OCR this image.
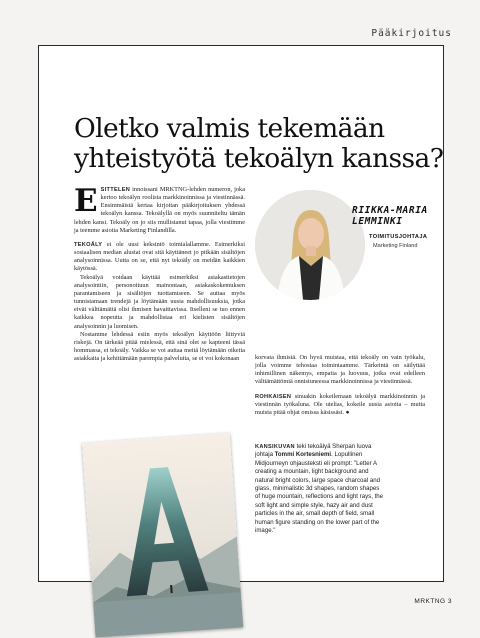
Pääkirjoitus
Oletko valmis tekemään yhteistyötä tekoälyn kanssa?

ESITTELEN innoissani MRKTNG-lehden numeron, joka kertoo tekoälyn roolista markkinoinnissa ja viestinnässä. Ensimmäistä kertaa kirjoitan pääkirjoituksen yhdessä tekoälyn kanssa. Tekoälyllä on myös suunniteltu tämän lehden kansi. Tekoäly on jo siis mullistanut tapaa, jolla viestimme ja teemme asioita Marketing Finlandilla.

TEKOÄLY ei ole uusi keksintö toimialallamme. Esimerkiksi sosiaalisen median alustat ovat sitä käyttäneet jo pitkään sisältöjen analysoinnissa. Uutta on se, että nyt tekoäly on meidän kaikkien käytössä.

Tekoälyä voidaan käyttää esimerkiksi asiakastietojen analysointiin, personoituun mainontaan, asiakaskokemuksen parantamiseen ja sisältöjen tuottamiseen. Se auttaa myös tunnistamaan trendejä ja löytämään uusia mahdollisuuksia, jotka eivät välttämättä olisi ihmisen havaittavissa. Itselleni se tuo ennen kaikkea nopeutta ja mahdollistaa eri kielisten sisältöjen analysoinnin ja luomisen.

Nostamme lehdessä esiin myös tekoälyn käyttöön liittyviä riskejä. On tärkeää pitää mielessä, että sinä olet se kapteeni tässä hommassa, ei tekoäly. Vaikka se voi auttaa meitä löytämään oikeita asiakkaita ja kehittämään parempia palveluita, se ei voi kokonaan

RIIKKA-MARIA
LEMMINKI
TOIMITUSJOHTAJA
Marketing Finland

korvata ihmistä. On hyvä muistaa, että tekoäly on vain työkalu, jolla voimme tehostaa toimintaamme. Tärkeintä on säilyttää inhimillinen näkemys, empatia ja luovuus, jotka ovat edelleen välttämättömiä onnistuneessa markkinoinnissa ja viestinnässä.

ROHKAISEN sinuakin kokeilemaan tekoälyä markkinoinnin ja viestinnän työkaluna. Ole utelias, kokeile uusia asioita – mutta muista pitää ohjat omissa käsissäsi. ●

KANSIKUVAN teki tekoälyä Sherpan luova johtaja Tommi Kortesniemi. Lopullinen Midjourneyn ohjausteksti eli prompt: "Letter A creating a mountain, light background and natural bright colors, large space charcoal and glass, minimalistic 3d shapes, random shapes of huge mountain, reflections and light rays, the soft light and simple style, hazy air and dust particles in the air, small depth of field, small human figure standing on the lower part of the image."
MRKTNG 3
